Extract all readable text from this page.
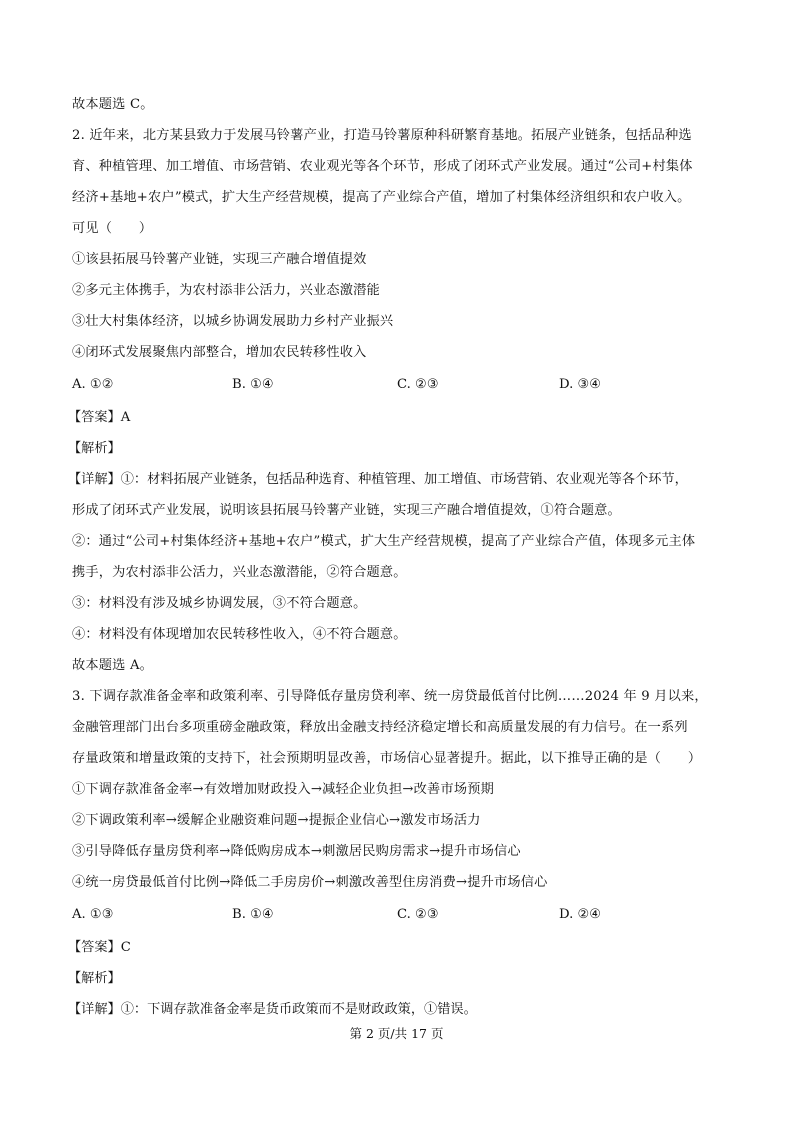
故本题选 C。
2. 近年来，北方某县致力于发展马铃薯产业，打造马铃薯原种科研繁育基地。拓展产业链条，包括品种选
育、种植管理、加工增值、市场营销、农业观光等各个环节，形成了闭环式产业发展。通过“公司+村集体
经济+基地+农户”模式，扩大生产经营规模，提高了产业综合产值，增加了村集体经济组织和农户收入。
可见（　　）
①该县拓展马铃薯产业链，实现三产融合增值提效
②多元主体携手，为农村添非公活力，兴业态激潜能
③壮大村集体经济，以城乡协调发展助力乡村产业振兴
④闭环式发展聚焦内部整合，增加农民转移性收入
A. ①②	B. ①④	C. ②③	D. ③④
【答案】A
【解析】
【详解】①：材料拓展产业链条，包括品种选育、种植管理、加工增值、市场营销、农业观光等各个环节，
形成了闭环式产业发展，说明该县拓展马铃薯产业链，实现三产融合增值提效，①符合题意。
②：通过“公司+村集体经济+基地+农户”模式，扩大生产经营规模，提高了产业综合产值，体现多元主体
携手，为农村添非公活力，兴业态激潜能，②符合题意。
③：材料没有涉及城乡协调发展，③不符合题意。
④：材料没有体现增加农民转移性收入，④不符合题意。
故本题选 A。
3. 下调存款准备金率和政策利率、引导降低存量房贷利率、统一房贷最低首付比例……2024 年 9 月以来，
金融管理部门出台多项重磅金融政策，释放出金融支持经济稳定增长和高质量发展的有力信号。在一系列
存量政策和增量政策的支持下，社会预期明显改善，市场信心显著提升。据此，以下推导正确的是（　　）
①下调存款准备金率→有效增加财政投入→减轻企业负担→改善市场预期
②下调政策利率→缓解企业融资难问题→提振企业信心→激发市场活力
③引导降低存量房贷利率→降低购房成本→刺激居民购房需求→提升市场信心
④统一房贷最低首付比例→降低二手房房价→刺激改善型住房消费→提升市场信心
A. ①③	B. ①④	C. ②③	D. ②④
【答案】C
【解析】
【详解】①：下调存款准备金率是货币政策而不是财政政策，①错误。
第 2 页/共 17 页
